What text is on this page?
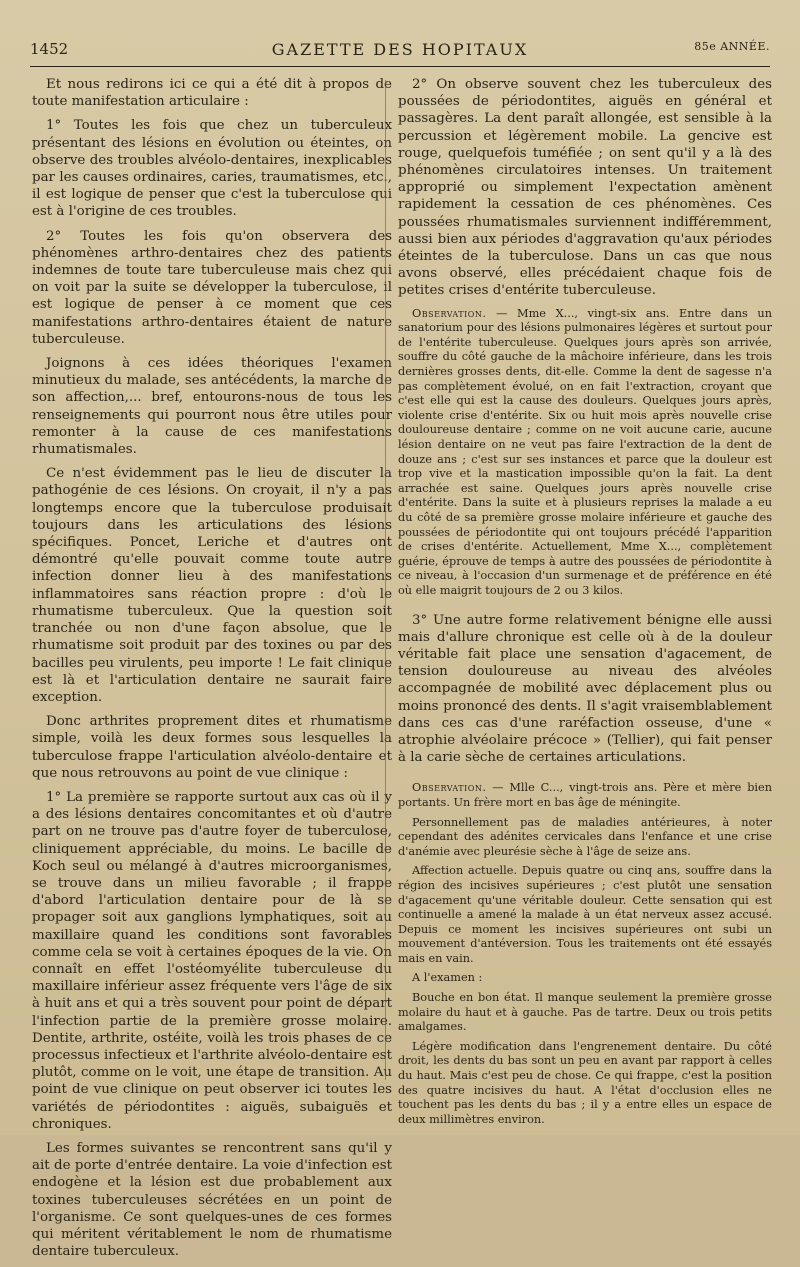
1452	GAZETTE DES HOPITAUX	85e ANNÉE.

Et nous redirons ici ce qui a été dit à propos de toute manifestation articulaire :

1° Toutes les fois que chez un tuberculeux présentant des lésions en évolution ou éteintes, on observe des troubles alvéolo-dentaires, inexplicables par les causes ordinaires, caries, traumatismes, etc., il est logique de penser que c'est la tuberculose qui est à l'origine de ces troubles.

2° Toutes les fois qu'on observera des phénomènes arthro-dentaires chez des patients indemnes de toute tare tuberculeuse mais chez qui on voit par la suite se développer la tuberculose, il est logique de penser à ce moment que ces manifestations arthro-dentaires étaient de nature tuberculeuse.

Joignons à ces idées théoriques l'examen minutieux du malade, ses antécédents, la marche de son affection,... bref, entourons-nous de tous les renseignements qui pourront nous être utiles pour remonter à la cause de ces manifestations rhumatismales.

Ce n'est évidemment pas le lieu de discuter la pathogénie de ces lésions. On croyait, il n'y a pas longtemps encore que la tuberculose produisait toujours dans les articulations des lésions spécifiques. Poncet, Leriche et d'autres ont démontré qu'elle pouvait comme toute autre infection donner lieu à des manifestations inflammatoires sans réaction propre : d'où le rhumatisme tuberculeux. Que la question soit tranchée ou non d'une façon absolue, que le rhumatisme soit produit par des toxines ou par des bacilles peu virulents, peu importe ! Le fait clinique est là et l'articulation dentaire ne saurait faire exception.

Donc arthrites proprement dites et rhumatisme simple, voilà les deux formes sous lesquelles la tuberculose frappe l'articulation alvéolo-dentaire et que nous retrouvons au point de vue clinique :

1° La première se rapporte surtout aux cas où il y a des lésions dentaires concomitantes et où d'autre part on ne trouve pas d'autre foyer de tuberculose, cliniquement appréciable, du moins. Le bacille de Koch seul ou mélangé à d'autres microorganismes, se trouve dans un milieu favorable ; il frappe d'abord l'articulation dentaire pour de là se propager soit aux ganglions lymphatiques, soit au maxillaire quand les conditions sont favorables comme cela se voit à certaines époques de la vie. On connaît en effet l'ostéomyélite tuberculeuse du maxillaire inférieur assez fréquente vers l'âge de six à huit ans et qui a très souvent pour point de départ l'infection partie de la première grosse molaire. Dentite, arthrite, ostéite, voilà les trois phases de ce processus infectieux et l'arthrite alvéolo-dentaire est plutôt, comme on le voit, une étape de transition. Au point de vue clinique on peut observer ici toutes les variétés de périodontites : aiguës, subaiguës et chroniques.

Les formes suivantes se rencontrent sans qu'il y ait de porte d'entrée dentaire. La voie d'infection est endogène et la lésion est due probablement aux toxines tuberculeuses sécrétées en un point de l'organisme. Ce sont quelques-unes de ces formes qui méritent véritablement le nom de rhumatisme dentaire tuberculeux.

2° On observe souvent chez les tuberculeux des poussées de périodontites, aiguës en général et passagères. La dent paraît allongée, est sensible à la percussion et légèrement mobile. La gencive est rouge, quelquefois tuméfiée ; on sent qu'il y a là des phénomènes circulatoires intenses. Un traitement approprié ou simplement l'expectation amènent rapidement la cessation de ces phénomènes. Ces poussées rhumatismales surviennent indifféremment, aussi bien aux périodes d'aggravation qu'aux périodes éteintes de la tuberculose. Dans un cas que nous avons observé, elles précédaient chaque fois de petites crises d'entérite tuberculeuse.

Observation. — Mme X..., vingt-six ans. Entre dans un sanatorium pour des lésions pulmonaires légères et surtout pour de l'entérite tuberculeuse. Quelques jours après son arrivée, souffre du côté gauche de la mâchoire inférieure, dans les trois dernières grosses dents, dit-elle. Comme la dent de sagesse n'a pas complètement évolué, on en fait l'extraction, croyant que c'est elle qui est la cause des douleurs. Quelques jours après, violente crise d'entérite. Six ou huit mois après nouvelle crise douloureuse dentaire ; comme on ne voit aucune carie, aucune lésion dentaire on ne veut pas faire l'extraction de la dent de douze ans ; c'est sur ses instances et parce que la douleur est trop vive et la mastication impossible qu'on la fait. La dent arrachée est saine. Quelques jours après nouvelle crise d'entérite. Dans la suite et à plusieurs reprises la malade a eu du côté de sa première grosse molaire inférieure et gauche des poussées de périodontite qui ont toujours précédé l'apparition de crises d'entérite. Actuellement, Mme X..., complètement guérie, éprouve de temps à autre des poussées de périodontite à ce niveau, à l'occasion d'un surmenage et de préférence en été où elle maigrit toujours de 2 ou 3 kilos.

3° Une autre forme relativement bénigne elle aussi mais d'allure chronique est celle où à de la douleur véritable fait place une sensation d'agacement, de tension douloureuse au niveau des alvéoles accompagnée de mobilité avec déplacement plus ou moins prononcé des dents. Il s'agit vraisemblablement dans ces cas d'une raréfaction osseuse, d'une « atrophie alvéolaire précoce » (Tellier), qui fait penser à la carie sèche de certaines articulations.

Observation. — Mlle C..., vingt-trois ans. Père et mère bien portants. Un frère mort en bas âge de méningite.

Personnellement pas de maladies antérieures, à noter cependant des adénites cervicales dans l'enfance et une crise d'anémie avec pleurésie sèche à l'âge de seize ans.

Affection actuelle. Depuis quatre ou cinq ans, souffre dans la région des incisives supérieures ; c'est plutôt une sensation d'agacement qu'une véritable douleur. Cette sensation qui est continuelle a amené la malade à un état nerveux assez accusé. Depuis ce moment les incisives supérieures ont subi un mouvement d'antéversion. Tous les traitements ont été essayés mais en vain.

A l'examen :

Bouche en bon état. Il manque seulement la première grosse molaire du haut et à gauche. Pas de tartre. Deux ou trois petits amalgames.

Légère modification dans l'engrenement dentaire. Du côté droit, les dents du bas sont un peu en avant par rapport à celles du haut. Mais c'est peu de chose. Ce qui frappe, c'est la position des quatre incisives du haut. A l'état d'occlusion elles ne touchent pas les dents du bas ; il y a entre elles un espace de deux millimètres environ.
